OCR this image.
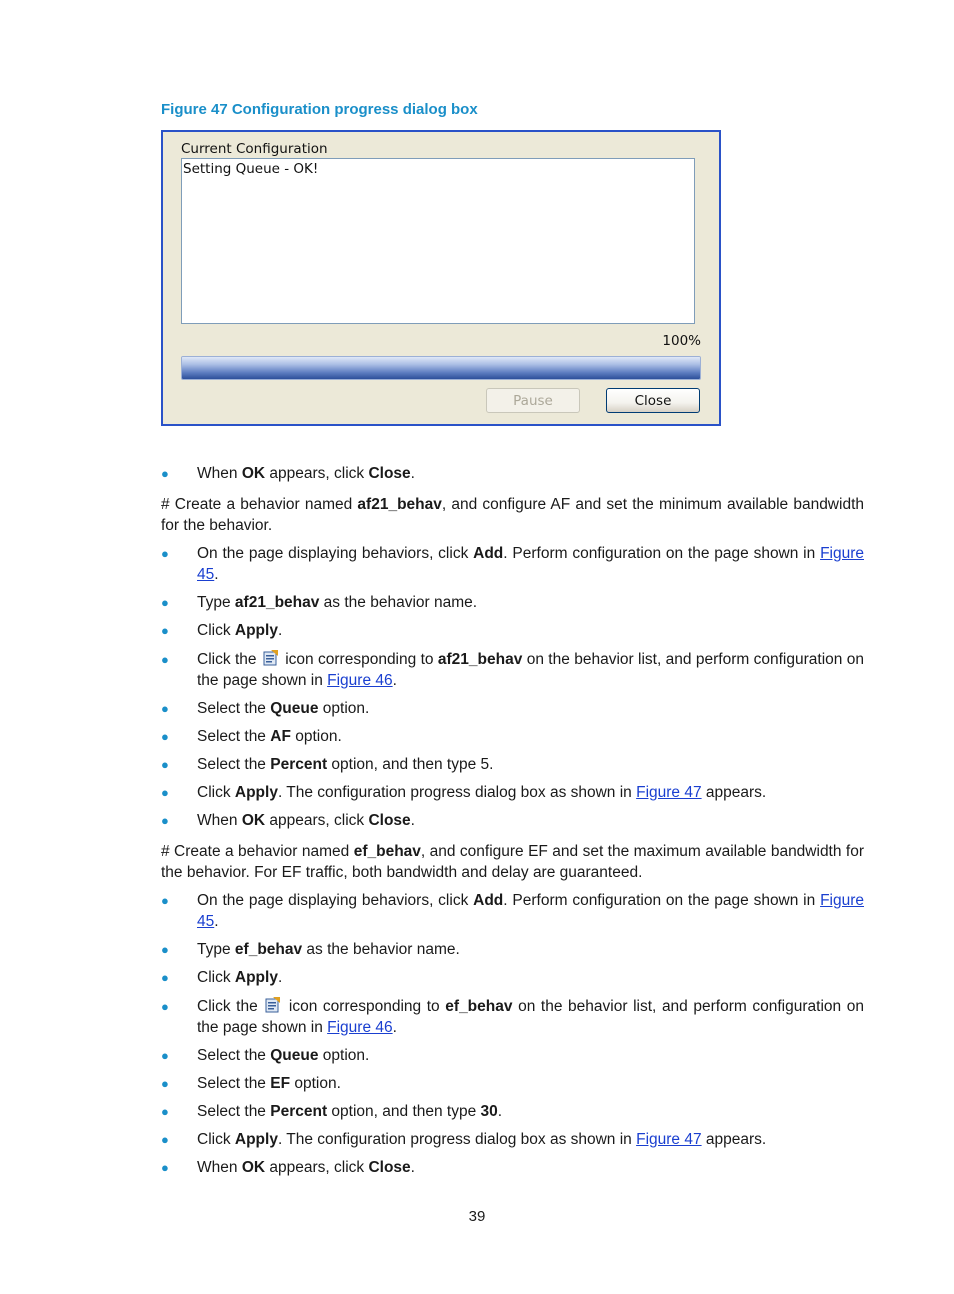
Figure 47 Configuration progress dialog box
Current Configuration
Setting Queue - OK!
100%
Pause	Close
● When OK appears, click Close.
# Create a behavior named af21_behav, and configure AF and set the minimum available bandwidth for the behavior.
● On the page displaying behaviors, click Add. Perform configuration on the page shown in Figure 45.
● Type af21_behav as the behavior name.
● Click Apply.
● Click the  icon corresponding to af21_behav on the behavior list, and perform configuration on the page shown in Figure 46.
● Select the Queue option.
● Select the AF option.
● Select the Percent option, and then type 5.
● Click Apply. The configuration progress dialog box as shown in Figure 47 appears.
● When OK appears, click Close.
# Create a behavior named ef_behav, and configure EF and set the maximum available bandwidth for the behavior. For EF traffic, both bandwidth and delay are guaranteed.
● On the page displaying behaviors, click Add. Perform configuration on the page shown in Figure 45.
● Type ef_behav as the behavior name.
● Click Apply.
● Click the  icon corresponding to ef_behav on the behavior list, and perform configuration on the page shown in Figure 46.
● Select the Queue option.
● Select the EF option.
● Select the Percent option, and then type 30.
● Click Apply. The configuration progress dialog box as shown in Figure 47 appears.
● When OK appears, click Close.
39
